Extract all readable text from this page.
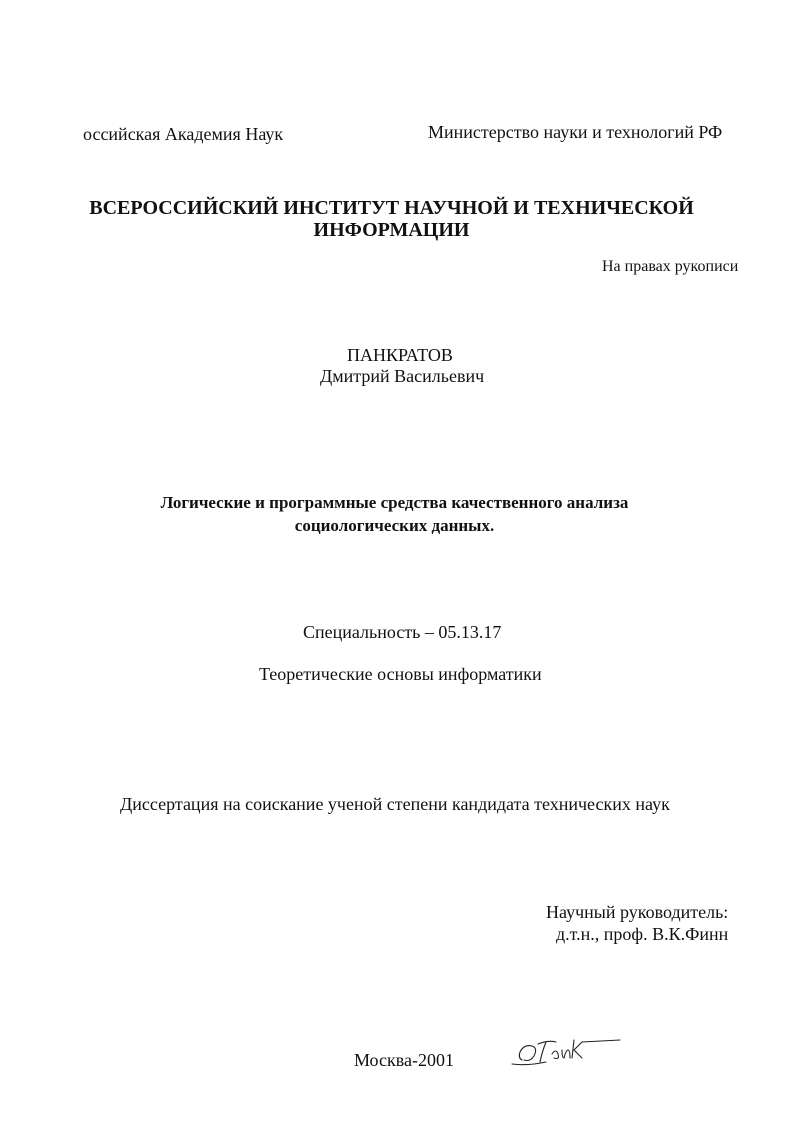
оссийская Академия Наук	Министерство науки и технологий РФ
ВСЕРОССИЙСКИЙ ИНСТИТУТ НАУЧНОЙ И ТЕХНИЧЕСКОЙ
ИНФОРМАЦИИ
На правах рукописи
ПАНКРАТОВ
Дмитрий Васильевич
Логические и программные средства качественного анализа
социологических данных.
Специальность – 05.13.17
Теоретические основы информатики
Диссертация на соискание ученой степени кандидата технических наук
Научный руководитель:
д.т.н., проф. В.К.Финн
Москва-2001
